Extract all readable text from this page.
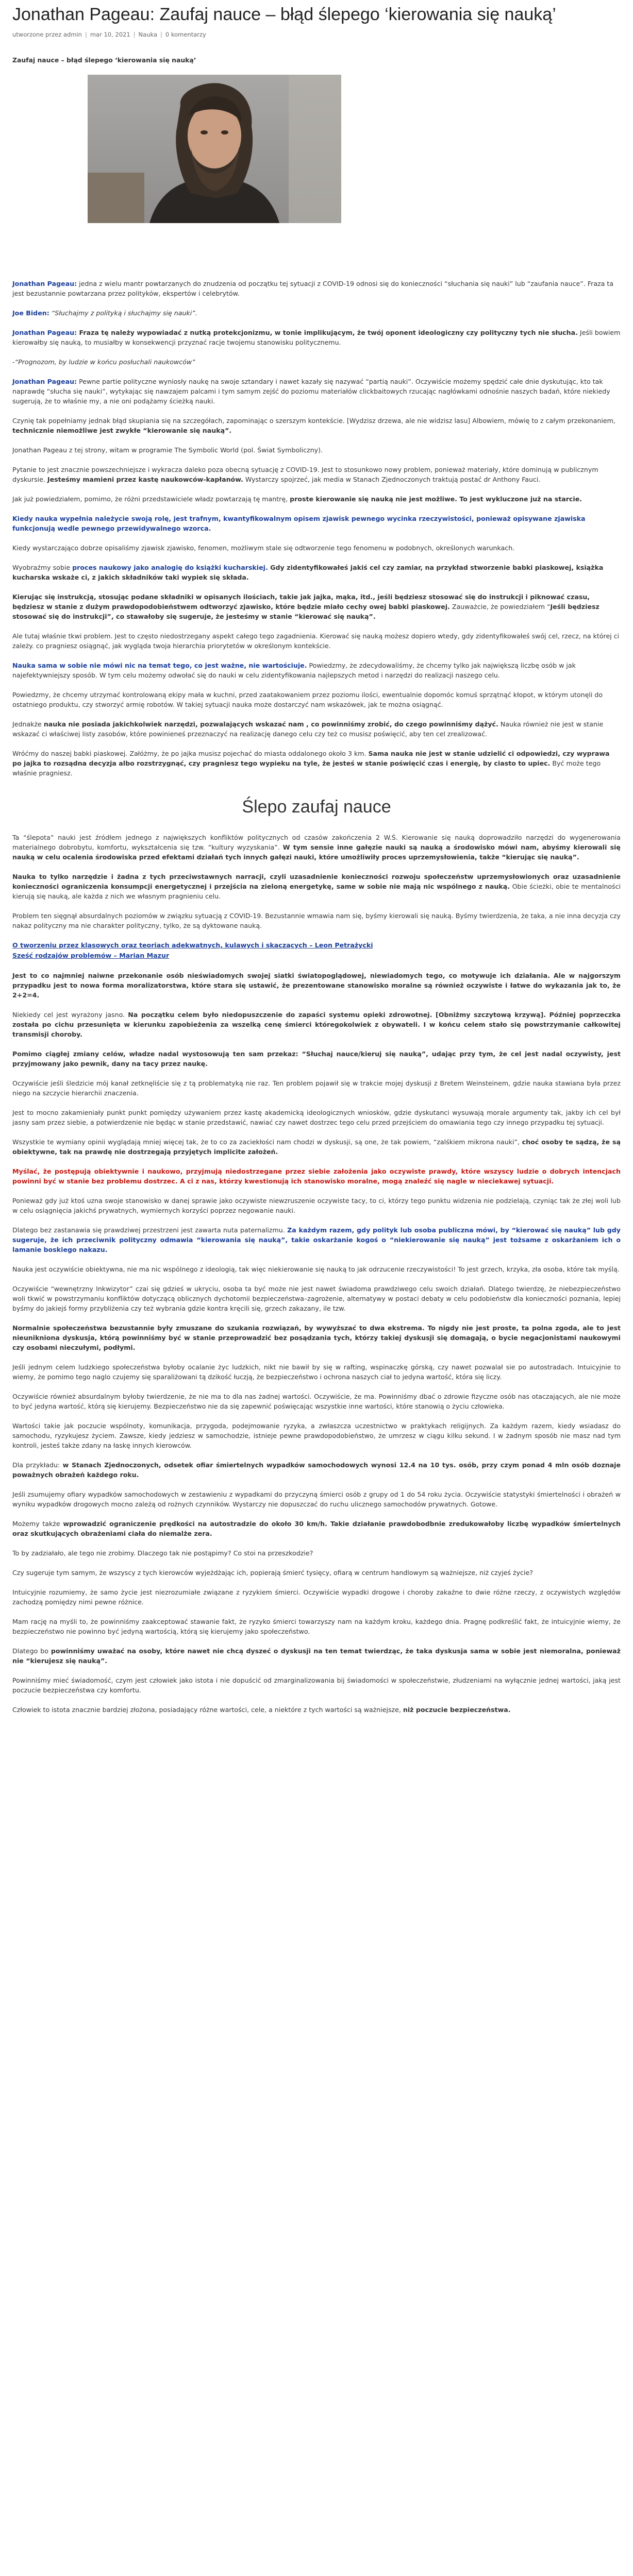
Jonathan Pageau: Zaufaj nauce – błąd ślepego ‘kierowania się nauką’
utworzone przez admin | mar 10, 2021 | Nauka | 0 komentarzy

Zaufaj nauce – błąd ślepego ‘kierowania się nauką’

Jonathan Pageau: jedna z wielu mantr powtarzanych do znudzenia od początku tej sytuacji z COVID-19 odnosi się do konieczności “słuchania się nauki” lub “zaufania nauce”. Fraza ta jest bezustannie powtarzana przez polityków, ekspertów i celebrytów.

Joe Biden: “Słuchajmy z polityką i słuchajmy się nauki”.

Jonathan Pageau: Fraza tę należy wypowiadać z nutką protekcjonizmu, w tonie implikującym, że twój oponent ideologiczny czy polityczny tych nie słucha. Jeśli bowiem kierowałby się nauką, to musiałby w konsekwencji przyznać racje twojemu stanowisku politycznemu.

-“Prognozom, by ludzie w końcu posłuchali naukowców”

Jonathan Pageau: Pewne partie polityczne wyniosły naukę na swoje sztandary i nawet kazały się nazywać “partią nauki”. Oczywiście możemy spędzić całe dnie dyskutując, kto tak naprawdę “słucha się nauki”, wytykając się nawzajem palcami i tym samym zejść do poziomu materiałów clickbaitowych rzucając nagłówkami odnośnie naszych badań, które niekiedy sugerują, że to właśnie my, a nie oni podążamy ścieżką nauki.

Czynię tak popełniamy jednak błąd skupiania się na szczegółach, zapominając o szerszym kontekście. [Wydzisz drzewa, ale nie widzisz lasu] Albowiem, mówię to z całym przekonaniem, technicznie niemożliwe jest zwykłe “kierowanie się nauką”.

Jonathan Pageau z tej strony, witam w programie The Symbolic World (pol. Świat Symboliczny).

Pytanie to jest znacznie powszechniejsze i wykracza daleko poza obecną sytuację z COVID-19. Jest to stosunkowo nowy problem, ponieważ materiały, które dominują w publicznym dyskursie. Jesteśmy mamieni przez kastę naukowców-kapłanów. Wystarczy spojrzeć, jak media w Stanach Zjednoczonych traktują postać dr Anthony Fauci.

Jak już powiedziałem, pomimo, że różni przedstawiciele władz powtarzają tę mantrę, proste kierowanie się nauką nie jest możliwe. To jest wykluczone już na starcie.

Kiedy nauka wypełnia należycie swoją rolę, jest trafnym, kwantyfikowalnym opisem zjawisk pewnego wycinka rzeczywistości, ponieważ opisywane zjawiska funkcjonują wedle pewnego przewidywalnego wzorca.

Kiedy wystarczająco dobrze opisaliśmy zjawisk zjawisko, fenomen, możliwym stale się odtworzenie tego fenomenu w podobnych, określonych warunkach.

Wyobraźmy sobie proces naukowy jako analogię do książki kucharskiej. Gdy zidentyfikowałeś jakiś cel czy zamiar, na przykład stworzenie babki piaskowej, książka kucharska wskaże ci, z jakich składników taki wypiek się składa.

Kierując się instrukcją, stosując podane składniki w opisanych ilościach, takie jak jajka, mąka, itd., jeśli będziesz stosować się do instrukcji i piknować czasu, będziesz w stanie z dużym prawdopodobieństwem odtworzyć zjawisko, które będzie miało cechy owej babki piaskowej. Zauważcie, że powiedziałem “Jeśli będziesz stosować się do instrukcji”, co stawałoby się sugeruje, że jesteśmy w stanie “kierować się nauką”.

Ale tutaj właśnie tkwi problem. Jest to często niedostrzegany aspekt całego tego zagadnienia. Kierować się nauką możesz dopiero wtedy, gdy zidentyfikowałeś swój cel, rzecz, na której ci zależy. co pragniesz osiągnąć, jak wygląda twoja hierarchia priorytetów w określonym kontekście.

Nauka sama w sobie nie mówi nic na temat tego, co jest ważne, nie wartościuje. Powiedzmy, że zdecydowaliśmy, że chcemy tylko jak największą liczbę osób w jak najefektywniejszy sposób. W tym celu możemy odwołać się do nauki w celu zidentyfikowania najlepszych metod i narzędzi do realizacji naszego celu.

Powiedzmy, że chcemy utrzymać kontrolowaną ekipy mała w kuchni, przed zaatakowaniem przez poziomu ilości, ewentualnie dopomóc komuś sprzątnąć kłopot, w którym utonęli do ostatniego produktu, czy stworzyć armię robotów. W takiej sytuacji nauka może dostarczyć nam wskazówek, jak te można osiągnąć.

Jednakże nauka nie posiada jakichkolwiek narzędzi, pozwalających wskazać nam , co powinniśmy zrobić, do czego powinniśmy dążyć. Nauka również nie jest w stanie wskazać ci właściwej listy zasobów, które powinieneś przeznaczyć na realizację danego celu czy też co musisz poświęcić, aby ten cel zrealizować.

Wróćmy do naszej babki piaskowej. Załóżmy, że po jajka musisz pojechać do miasta oddalonego około 3 km. Sama nauka nie jest w stanie udzielić ci odpowiedzi, czy wyprawa po jajka to rozsądna decyzja albo rozstrzygnąć, czy pragniesz tego wypieku na tyle, że jesteś w stanie poświęcić czas i energię, by ciasto to upiec. Być może tego właśnie pragniesz.

Ślepo zaufaj nauce

Ta “ślepota” nauki jest źródłem jednego z największych konfliktów politycznych od czasów zakończenia 2 W.Ś. Kierowanie się nauką doprowadziło narzędzi do wygenerowania materialnego dobrobytu, komfortu, wykształcenia się tzw. “kultury wyzyskania”. W tym sensie inne gałęzie nauki są nauką a środowisko mówi nam, abyśmy kierowali się nauką w celu ocalenia środowiska przed efektami działań tych innych gałęzi nauki, które umożliwiły proces uprzemysłowienia, także “kierując się nauką”.

Nauka to tylko narzędzie i żadna z tych przeciwstawnych narracji, czyli uzasadnienie konieczności rozwoju społeczeństw uprzemysłowionych oraz uzasadnienie konieczności ograniczenia konsumpcji energetycznej i przejścia na zieloną energetykę, same w sobie nie mają nic wspólnego z nauką. Obie ścieżki, obie te mentalności kierują się nauką, ale każda z nich we własnym pragnieniu celu.

Problem ten sięgnął absurdalnych poziomów w związku sytuacją z COVID-19. Bezustannie wmawia nam się, byśmy kierowali się nauką. Byśmy twierdzenia, że taka, a nie inna decyzja czy nakaz polityczny ma nie charakter polityczny, tylko, że są dyktowane nauką.

O tworzeniu przez klasowych oraz teoriach adekwatnych, kulawych i skaczących – Leon Petrażycki
Sześć rodzajów problemów – Marian Mazur

Jest to co najmniej naiwne przekonanie osób nieświadomych swojej siatki światopoglądowej, niewiadomych tego, co motywuje ich działania. Ale w najgorszym przypadku jest to nowa forma moralizatorstwa, które stara się ustawić, że prezentowane stanowisko moralne są również oczywiste i łatwe do wykazania jak to, że 2+2=4.

Niekiedy cel jest wyrażony jasno. Na początku celem było niedopuszczenie do zapaści systemu opieki zdrowotnej. [Obniżmy szczytową krzywą]. Później poprzeczka została po cichu przesunięta w kierunku zapobieżenia za wszelką cenę śmierci któregokolwiek z obywateli. I w końcu celem stało się powstrzymanie całkowitej transmisji choroby.

Pomimo ciągłej zmiany celów, władze nadal wystosowują ten sam przekaz: “Słuchaj nauce/kieruj się nauką”, udając przy tym, że cel jest nadal oczywisty, jest przyjmowany jako pewnik, dany na tacy przez naukę.

Oczywiście jeśli śledzicie mój kanał zetknęliście się z tą problematyką nie raz. Ten problem pojawił się w trakcie mojej dyskusji z Bretem Weinsteinem, gdzie nauka stawiana była przez niego na szczycie hierarchii znaczenia.

Jest to mocno zakamieniały punkt punkt pomiędzy używaniem przez kastę akademicką ideologicznych wniosków, gdzie dyskutanci wysuwają morale argumenty tak, jakby ich cel był jasny sam przez siebie, a potwierdzenie nie będąc w stanie przedstawić, nawiać czy nawet dostrzec tego celu przed przejściem do omawiania tego czy innego przypadku tej sytuacji.

Wszystkie te wymiany opinii wyglądają mniej więcej tak, że to co za zaciekłości nam chodzi w dyskusji, są one, że tak powiem, “zalśkiem mikrona nauki”, choć osoby te sądzą, że są obiektywne, tak na prawdę nie dostrzegają przyjętych implicite założeń.

Myślać, że postępują obiektywnie i naukowo, przyjmują niedostrzegane przez siebie założenia jako oczywiste prawdy, które wszyscy ludzie o dobrych intencjach powinni być w stanie bez problemu dostrzec. A ci z nas, którzy kwestionują ich stanowisko moralne, mogą znaleźć się nagle w nieciekawej sytuacji.

Ponieważ gdy już ktoś uzna swoje stanowisko w danej sprawie jako oczywiste niewzruszenie oczywiste tacy, to ci, którzy tego punktu widzenia nie podzielają, czyniąc tak że złej woli lub w celu osiągnięcia jakichś prywatnych, wymiernych korzyści poprzez negowanie nauki.

Dlatego bez zastanawia się prawdziwej przestrzeni jest zawarta nuta paternalizmu. Za każdym razem, gdy polityk lub osoba publiczna mówi, by “kierować się nauką” lub gdy sugeruje, że ich przeciwnik polityczny odmawia “kierowania się nauką”, takie oskarżanie kogoś o “niekierowanie się nauką” jest tożsame z oskarżaniem ich o lamanie boskiego nakazu.

Nauka jest oczywiście obiektywna, nie ma nic wspólnego z ideologią, tak więc niekierowanie się nauką to jak odrzucenie rzeczywistości! To jest grzech, krzyka, zła osoba, które tak myślą.

Oczywiście “wewnętrzny Inkwizytor” czai się gdzieś w ukryciu, osoba ta być może nie jest nawet świadoma prawdziwego celu swoich działań. Dlatego twierdzę, że niebezpieczeństwo woli tkwić w powstrzymaniu konfliktów dotyczącą oblicznych dychotomii bezpieczeństwa–zagrożenie, alternatywy w postaci debaty w celu podobieństw dla konieczności poznania, lepiej byśmy do jakiejś formy przybliżenia czy też wybrania gdzie kontra kręcili się, grzech zakazany, ile tzw.

Normalnie społeczeństwa bezustannie były zmuszane do szukania rozwiązań, by wywyższać to dwa ekstrema. To nigdy nie jest proste, ta polna zgoda, ale to jest nieunikniona dyskusja, którą powinniśmy być w stanie przeprowadzić bez posądzania tych, którzy takiej dyskusji się domagają, o bycie negacjonistami naukowymi czy osobami nieczułymi, podłymi.

Jeśli jednym celem ludzkiego społeczeństwa byłoby ocalanie życ ludzkich, nikt nie bawił by się w rafting, wspinaczkę górską, czy nawet pozwalał sie po autostradach. Intuicyjnie to wiemy, że pomimo tego naglo czujemy się sparaliżowani tą dzikość łuczją, że bezpieczeństwo i ochrona naszych ciał to jedyna wartość, która się liczy.

Oczywiście również absurdalnym byłoby twierdzenie, że nie ma to dla nas żadnej wartości. Oczywiście, że ma. Powinniśmy dbać o zdrowie fizyczne osób nas otaczających, ale nie może to być jedyna wartość, którą się kierujemy. Bezpieczeństwo nie da się zapewnić poświęcając wszystkie inne wartości, które stanowią o życiu człowieka.

Wartości takie jak poczucie wspólnoty, komunikacja, przygoda, podejmowanie ryzyka, a zwłaszcza uczestnictwo w praktykach religijnych. Za każdym razem, kiedy wsiadasz do samochodu, ryzykujesz życiem. Zawsze, kiedy jedziesz w samochodzie, istnieje pewne prawdopodobieństwo, że umrzesz w ciągu kilku sekund. I w żadnym sposób nie masz nad tym kontroli, jesteś także zdany na łaskę innych kierowców.

Dla przykładu: w Stanach Zjednoczonych, odsetek ofiar śmiertelnych wypadków samochodowych wynosi 12.4 na 10 tys. osób, przy czym ponad 4 mln osób doznaje poważnych obrażeń każdego roku.

Jeśli zsumujemy ofiary wypadków samochodowych w zestawieniu z wypadkami do przyczyną śmierci osób z grupy od 1 do 54 roku życia. Oczywiście statystyki śmiertelności i obrażeń w wyniku wypadków drogowych mocno zależą od rożnych czynników. Wystarczy nie dopuszczać do ruchu ulicznego samochodów prywatnych. Gotowe.

Możemy także wprowadzić ograniczenie prędkości na autostradzie do około 30 km/h. Takie działanie prawdobodbnie zredukowałoby liczbę wypadków śmiertelnych oraz skutkujących obrażeniami ciała do niemalże zera.

To by zadziałało, ale tego nie zrobimy. Dlaczego tak nie postąpimy? Co stoi na przeszkodzie?

Czy sugeruje tym samym, że wszyscy z tych kierowców wyjeżdżając ich, popierają śmierć tysięcy, ofiarą w centrum handlowym są ważniejsze, niż czyjeś życie?

Intuicyjnie rozumiemy, że samo życie jest niezrozumiałe związane z ryzykiem śmierci. Oczywiście wypadki drogowe i choroby zakaźne to dwie różne rzeczy, z oczywistych względów zachodzą pomiędzy nimi pewne różnice.

Mam rację na myśli to, że powinniśmy zaakceptować stawanie fakt, że ryzyko śmierci towarzyszy nam na każdym kroku, każdego dnia. Pragnę podkreślić fakt, że intuicyjnie wiemy, że bezpieczeństwo nie powinno być jedyną wartością, którą się kierujemy jako społeczeństwo.

Dlatego bo powinniśmy uważać na osoby, które nawet nie chcą dyszeć o dyskusji na ten temat twierdząc, że taka dyskusja sama w sobie jest niemoralna, ponieważ nie “kierujesz się nauką”.

Powinniśmy mieć świadomość, czym jest człowiek jako istota i nie dopuścić od zmarginalizowania bij świadomości w społeczeństwie, złudzeniami na wyłącznie jednej wartości, jaką jest poczucie bezpieczeństwa czy komfortu.

Człowiek to istota znacznie bardziej złożona, posiadający różne wartości, cele, a niektóre z tych wartości są ważniejsze, niż poczucie bezpieczeństwa.
